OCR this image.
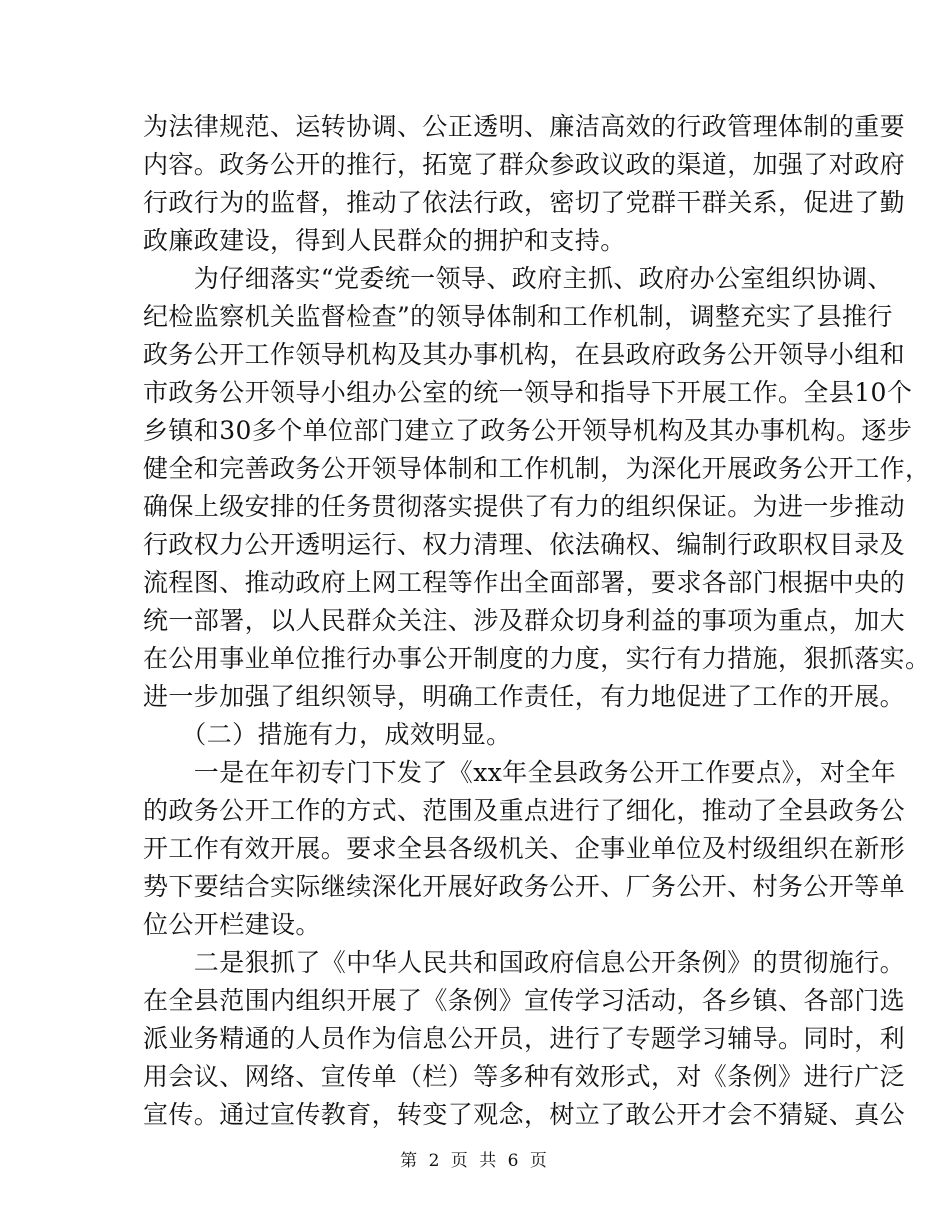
为法律规范、运转协调、公正透明、廉洁高效的行政管理体制的重要
内容。政务公开的推行，拓宽了群众参政议政的渠道，加强了对政府
行政行为的监督，推动了依法行政，密切了党群干群关系，促进了勤
政廉政建设，得到人民群众的拥护和支持。
　　为仔细落实“党委统一领导、政府主抓、政府办公室组织协调、
纪检监察机关监督检查”的领导体制和工作机制，调整充实了县推行
政务公开工作领导机构及其办事机构，在县政府政务公开领导小组和
市政务公开领导小组办公室的统一领导和指导下开展工作。全县10个
乡镇和30多个单位部门建立了政务公开领导机构及其办事机构。逐步
健全和完善政务公开领导体制和工作机制，为深化开展政务公开工作，
确保上级安排的任务贯彻落实提供了有力的组织保证。为进一步推动
行政权力公开透明运行、权力清理、依法确权、编制行政职权目录及
流程图、推动政府上网工程等作出全面部署，要求各部门根据中央的
统一部署，以人民群众关注、涉及群众切身利益的事项为重点，加大
在公用事业单位推行办事公开制度的力度，实行有力措施，狠抓落实。
进一步加强了组织领导，明确工作责任，有力地促进了工作的开展。
　　（二）措施有力，成效明显。
　　一是在年初专门下发了《xx年全县政务公开工作要点》，对全年
的政务公开工作的方式、范围及重点进行了细化，推动了全县政务公
开工作有效开展。要求全县各级机关、企事业单位及村级组织在新形
势下要结合实际继续深化开展好政务公开、厂务公开、村务公开等单
位公开栏建设。
　　二是狠抓了《中华人民共和国政府信息公开条例》的贯彻施行。
在全县范围内组织开展了《条例》宣传学习活动，各乡镇、各部门选
派业务精通的人员作为信息公开员，进行了专题学习辅导。同时，利
用会议、网络、宣传单（栏）等多种有效形式，对《条例》进行广泛
宣传。通过宣传教育，转变了观念，树立了敢公开才会不猜疑、真公
第 2 页 共 6 页
